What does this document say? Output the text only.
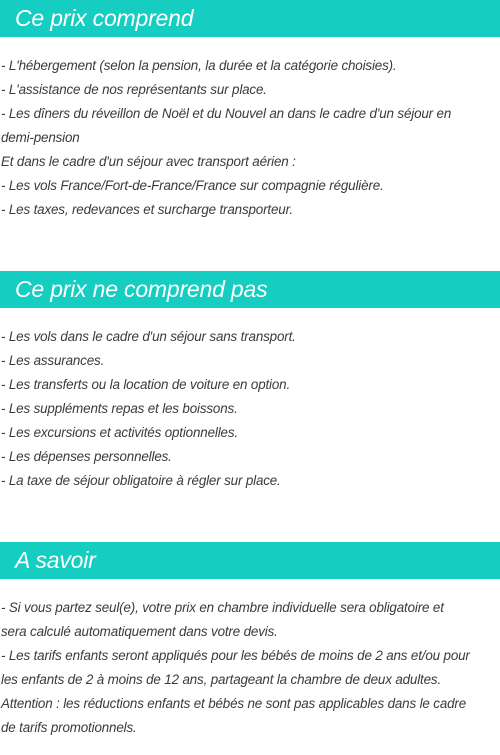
Ce prix comprend
- L'hébergement (selon la pension, la durée et la catégorie choisies).
- L'assistance de nos représentants sur place.
- Les dîners du réveillon de Noël et du Nouvel an dans le cadre d'un séjour en
demi-pension
Et dans le cadre d'un séjour avec transport aérien :
- Les vols France/Fort-de-France/France sur compagnie régulière.
- Les taxes, redevances et surcharge transporteur.
Ce prix ne comprend pas
- Les vols dans le cadre d'un séjour sans transport.
- Les assurances.
- Les transferts ou la location de voiture en option.
- Les suppléments repas et les boissons.
- Les excursions et activités optionnelles.
- Les dépenses personnelles.
- La taxe de séjour obligatoire à régler sur place.
A savoir
- Si vous partez seul(e), votre prix en chambre individuelle sera obligatoire et
sera calculé automatiquement dans votre devis.
- Les tarifs enfants seront appliqués pour les bébés de moins de 2 ans et/ou pour
les enfants de 2 à moins de 12 ans, partageant la chambre de deux adultes.
Attention : les réductions enfants et bébés ne sont pas applicables dans le cadre
de tarifs promotionnels.
